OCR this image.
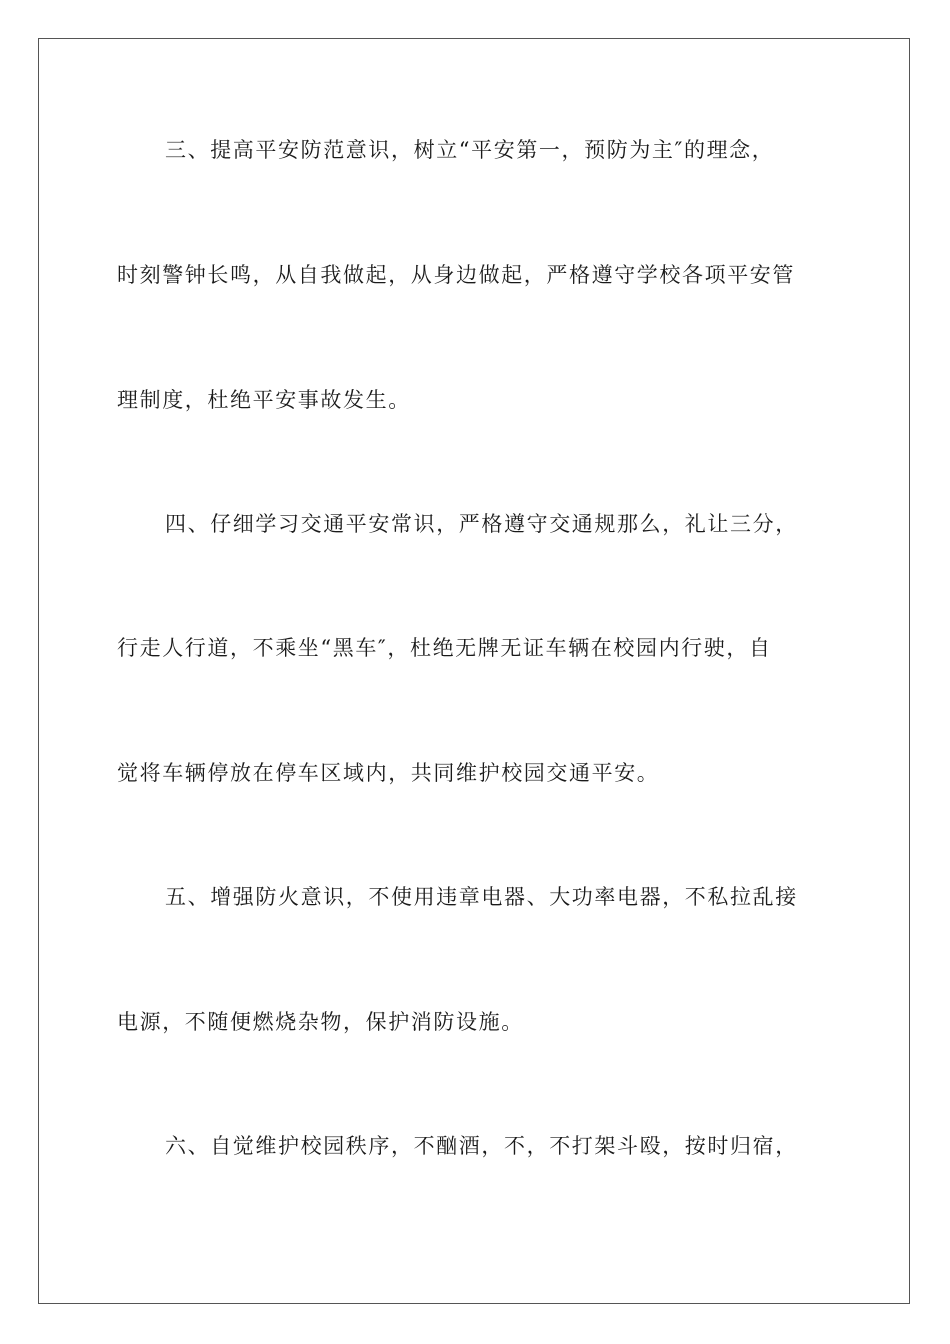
三、提高平安防范意识，树立“平安第一，预防为主″的理念，
时刻警钟长鸣，从自我做起，从身边做起，严格遵守学校各项平安管
理制度，杜绝平安事故发生。
四、仔细学习交通平安常识，严格遵守交通规那么，礼让三分，
行走人行道，不乘坐“黑车″，杜绝无牌无证车辆在校园内行驶，自
觉将车辆停放在停车区域内，共同维护校园交通平安。
五、增强防火意识，不使用违章电器、大功率电器，不私拉乱接
电源，不随便燃烧杂物，保护消防设施。
六、自觉维护校园秩序，不酗酒，不，不打架斗殴，按时归宿，
